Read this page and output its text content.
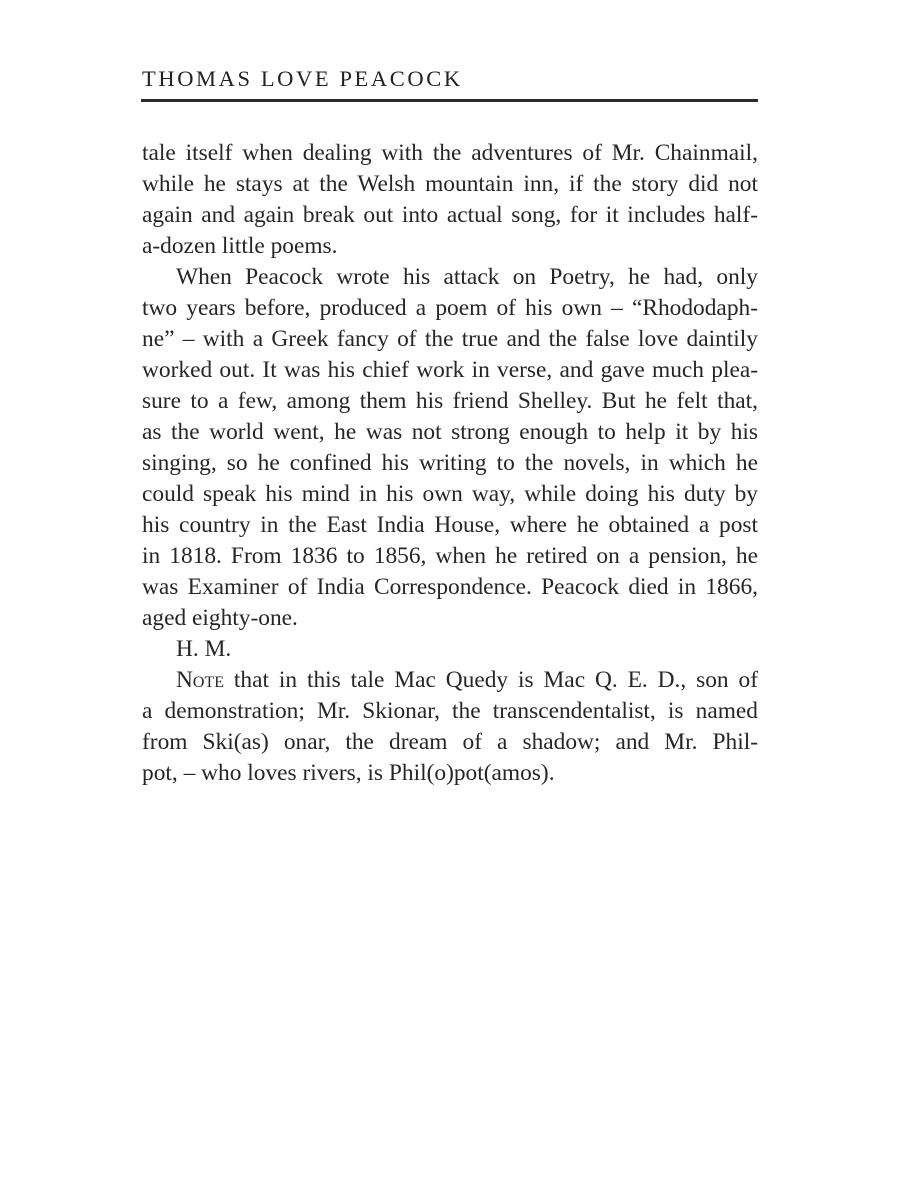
THOMAS LOVE PEACOCK
tale itself when dealing with the adventures of Mr. Chainmail,
while he stays at the Welsh mountain inn, if the story did not
again and again break out into actual song, for it includes half-
a-dozen little poems.
When Peacock wrote his attack on Poetry, he had, only
two years before, produced a poem of his own – “Rhododaph-
ne” – with a Greek fancy of the true and the false love daintily
worked out. It was his chief work in verse, and gave much plea-
sure to a few, among them his friend Shelley. But he felt that,
as the world went, he was not strong enough to help it by his
singing, so he confined his writing to the novels, in which he
could speak his mind in his own way, while doing his duty by
his country in the East India House, where he obtained a post
in 1818. From 1836 to 1856, when he retired on a pension, he
was Examiner of India Correspondence. Peacock died in 1866,
aged eighty-one.
H. M.
Note that in this tale Mac Quedy is Mac Q. E. D., son of
a demonstration; Mr. Skionar, the transcendentalist, is named
from Ski(as) onar, the dream of a shadow; and Mr. Phil-
pot, – who loves rivers, is Phil(o)pot(amos).
